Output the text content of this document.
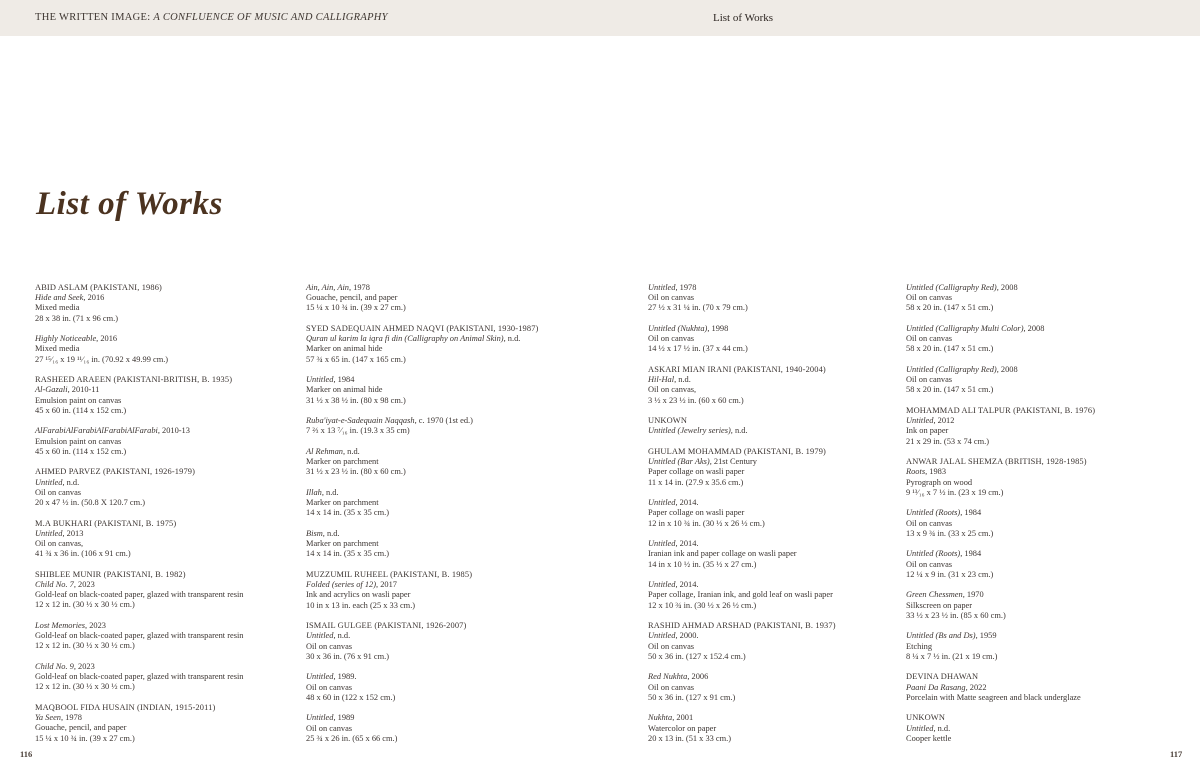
THE WRITTEN IMAGE: A CONFLUENCE OF MUSIC AND CALLIGRAPHY	List of Works
List of Works
ABID ASLAM (PAKISTANI, 1986)
Hide and Seek, 2016
Mixed media
28 x 38 in. (71 x 96 cm.)
Highly Noticeable, 2016
Mixed media
27 ¹⁵⁄₁₆ x 19 ¹¹⁄₁₆ in. (70.92 x 49.99 cm.)
RASHEED ARAEEN (PAKISTANI-BRITISH, B. 1935)
Al-Gazali, 2010-11
Emulsion paint on canvas
45 x 60 in. (114 x 152 cm.)
AlFarabiAlFarabiAlFarabiAlFarabi, 2010-13
Emulsion paint on canvas
45 x 60 in. (114 x 152 cm.)
AHMED PARVEZ (PAKISTANI, 1926-1979)
Untitled, n.d.
Oil on canvas
20 x 47 ½ in. (50.8 X 120.7 cm.)
M.A BUKHARI (PAKISTANI, B. 1975)
Untitled, 2013
Oil on canvas,
41 ¾ x 36 in. (106 x 91 cm.)
SHIBLEE MUNIR (PAKISTANI, B. 1982)
Child No. 7, 2023
Gold-leaf on black-coated paper, glazed with transparent resin
12 x 12 in. (30 ½ x 30 ½ cm.)
Lost Memories, 2023
Gold-leaf on black-coated paper, glazed with transparent resin
12 x 12 in. (30 ½ x 30 ½ cm.)
Child No. 9, 2023
Gold-leaf on black-coated paper, glazed with transparent resin
12 x 12 in. (30 ½ x 30 ½ cm.)
MAQBOOL FIDA HUSAIN (INDIAN, 1915-2011)
Ya Seen, 1978
Gouache, pencil, and paper
15 ¼ x 10 ¾ in. (39 x 27 cm.)
Ain, Ain, Ain, 1978
Gouache, pencil, and paper
15 ¼ x 10 ¾ in. (39 x 27 cm.)
SYED SADEQUAIN AHMED NAQVI (PAKISTANI, 1930-1987)
Quran ul karim la iqra fi din (Calligraphy on Animal Skin), n.d.
Marker on animal hide
57 ¾ x 65 in. (147 x 165 cm.)
Untitled, 1984
Marker on animal hide
31 ½ x 38 ½ in. (80 x 98 cm.)
Ruba'iyat-e-Sadequain Naqqash, c. 1970 (1st ed.)
7 ⅔ x 13 ⁷⁄₁₆ in. (19.3 x 35 cm)
Al Rehman, n.d.
Marker on parchment
31 ½ x 23 ½ in. (80 x 60 cm.)
Illah, n.d.
Marker on parchment
14 x 14 in. (35 x 35 cm.)
Bism, n.d.
Marker on parchment
14 x 14 in. (35 x 35 cm.)
MUZZUMIL RUHEEL (PAKISTANI, B. 1985)
Folded (series of 12), 2017
Ink and acrylics on wasli paper
10 in x 13 in. each (25 x 33 cm.)
ISMAIL GULGEE (PAKISTANI, 1926-2007)
Untitled, n.d.
Oil on canvas
30 x 36 in. (76 x 91 cm.)
Untitled, 1989.
Oil on canvas
48 x 60 in (122 x 152 cm.)
Untitled, 1989
Oil on canvas
25 ¾ x 26 in. (65 x 66 cm.)
Untitled, 1978
Oil on canvas
27 ½ x 31 ¼ in. (70 x 79 cm.)
Untitled (Nukhta), 1998
Oil on canvas
14 ½ x 17 ½ in. (37 x 44 cm.)
ASKARI MIAN IRANI (PAKISTANI, 1940-2004)
Hil-Hal, n.d.
Oil on canvas,
3 ½ x 23 ½ in. (60 x 60 cm.)
UNKOWN
Untitled (Jewelry series), n.d.
GHULAM MOHAMMAD (PAKISTANI, B. 1979)
Untitled (Bar Aks), 21st Century
Paper collage on wasli paper
11 x 14 in. (27.9 x 35.6 cm.)
Untitled, 2014.
Paper collage on wasli paper
12 in x 10 ¾ in. (30 ½ x 26 ½ cm.)
Untitled, 2014.
Iranian ink and paper collage on wasli paper
14 in x 10 ½ in. (35 ½ x 27 cm.)
Untitled, 2014.
Paper collage, Iranian ink, and gold leaf on wasli paper
12 x 10 ¾ in. (30 ½ x 26 ½ cm.)
RASHID AHMAD ARSHAD (PAKISTANI, B. 1937)
Untitled, 2000.
Oil on canvas
50 x 36 in. (127 x 152.4 cm.)
Red Nukhta, 2006
Oil on canvas
50 x 36 in. (127 x 91 cm.)
Nukhta, 2001
Watercolor on paper
20 x 13 in. (51 x 33 cm.)
Untitled (Calligraphy Red), 2008
Oil on canvas
58 x 20 in. (147 x 51 cm.)
Untitled (Calligraphy Multi Color), 2008
Oil on canvas
58 x 20 in. (147 x 51 cm.)
Untitled (Calligraphy Red), 2008
Oil on canvas
58 x 20 in. (147 x 51 cm.)
MOHAMMAD ALI TALPUR (PAKISTANI, B. 1976)
Untitled, 2012
Ink on paper
21 x 29 in. (53 x 74 cm.)
ANWAR JALAL SHEMZA (BRITISH, 1928-1985)
Roots, 1983
Pyrograph on wood
9 ¹³⁄₁₆ x 7 ½ in. (23 x 19 cm.)
Untitled (Roots), 1984
Oil on canvas
13 x 9 ¾ in. (33 x 25 cm.)
Untitled (Roots), 1984
Oil on canvas
12 ¼ x 9 in. (31 x 23 cm.)
Green Chessmen, 1970
Silkscreen on paper
33 ½ x 23 ½ in. (85 x 60 cm.)
Untitled (Bs and Ds), 1959
Etching
8 ¼ x 7 ½ in. (21 x 19 cm.)
DEVINA DHAWAN
Paani Da Rasang, 2022
Porcelain with Matte seagreen and black underglaze
UNKOWN
Untitled, n.d.
Cooper kettle
116	117
